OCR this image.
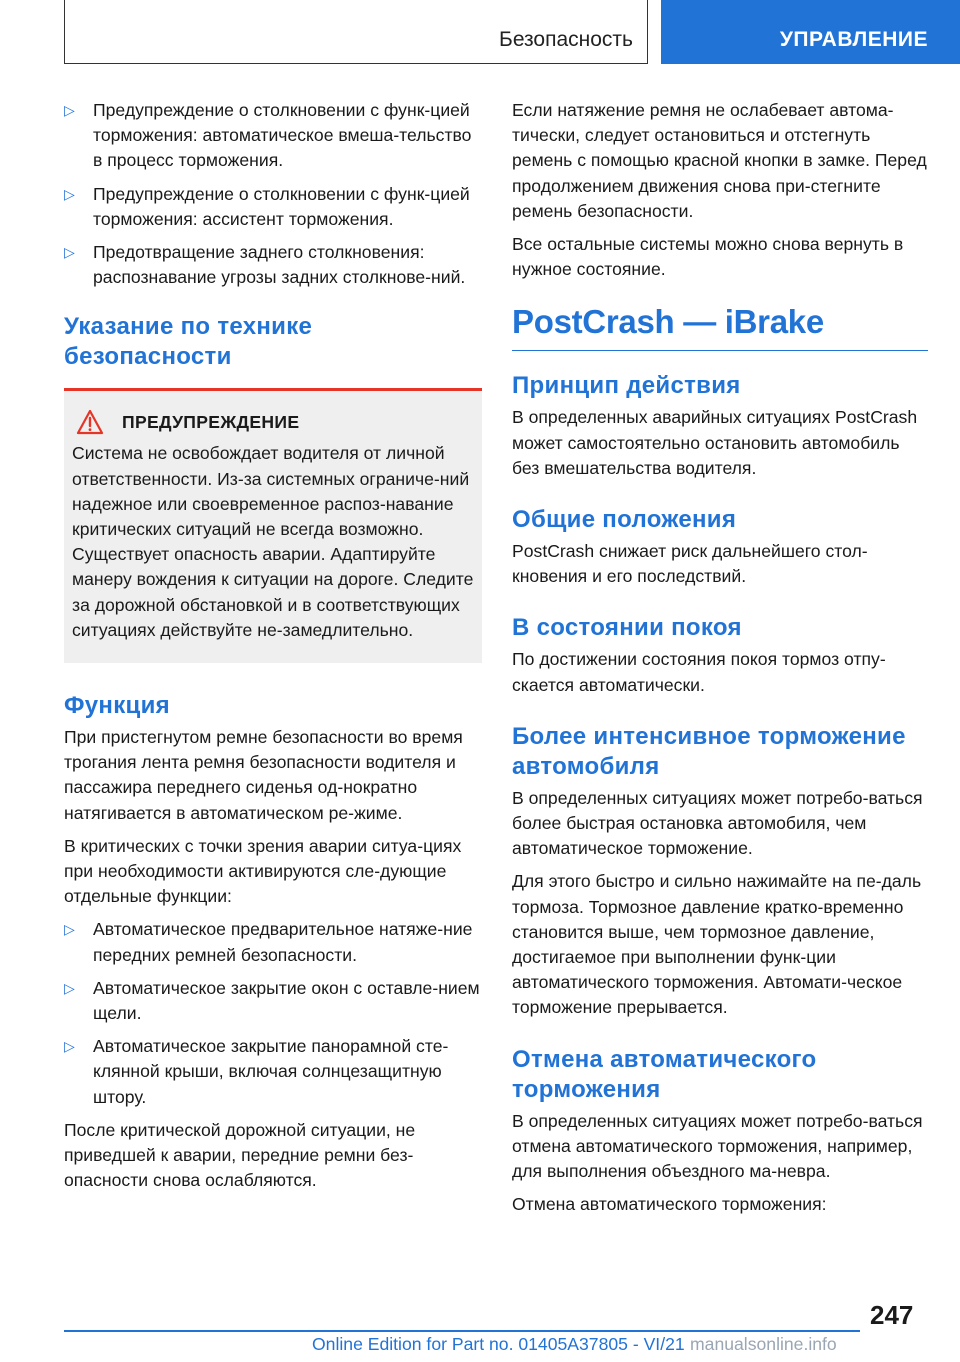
Безопасность	УПРАВЛЕНИЕ
▷ Предупреждение о столкновении с функ-цией торможения: автоматическое вмеша-тельство в процесс торможения.
▷ Предупреждение о столкновении с функ-цией торможения: ассистент торможения.
▷ Предотвращение заднего столкновения: распознавание угрозы задних столкнове-ний.
Указание по технике безопасности
ПРЕДУПРЕЖДЕНИЕ

Система не освобождает водителя от личной ответственности. Из-за системных ограниче-ний надежное или своевременное распоз-навание критических ситуаций не всегда возможно. Существует опасность аварии. Адаптируйте манеру вождения к ситуации на дороге. Следите за дорожной обстановкой и в соответствующих ситуациях действуйте не-замедлительно.

Функция

При пристегнутом ремне безопасности во время трогания лента ремня безопасности водителя и пассажира переднего сиденья од-нократно натягивается в автоматическом ре-жиме.

В критических с точки зрения аварии ситуа-циях при необходимости активируются сле-дующие отдельные функции:

▷ Автоматическое предварительное натяже-ние передних ремней безопасности.
▷ Автоматическое закрытие окон с оставле-нием щели.
▷ Автоматическое закрытие панорамной сте-клянной крыши, включая солнцезащитную штору.

После критической дорожной ситуации, не приведшей к аварии, передние ремни без-опасности снова ослабляются.

Если натяжение ремня не ослабевает автома-тически, следует остановиться и отстегнуть ремень с помощью красной кнопки в замке. Перед продолжением движения снова при-стегните ремень безопасности.

Все остальные системы можно снова вернуть в нужное состояние.

PostCrash — iBrake
Принцип действия

В определенных аварийных ситуациях PostCrash может самостоятельно остановить автомобиль без вмешательства водителя.

Общие положения

PostCrash снижает риск дальнейшего стол-кновения и его последствий.

В состоянии покоя

По достижении состояния покоя тормоз отпу-скается автоматически.

Более интенсивное торможение автомобиля

В определенных ситуациях может потребо-ваться более быстрая остановка автомобиля, чем автоматическое торможение.

Для этого быстро и сильно нажимайте на пе-даль тормоза. Тормозное давление кратко-временно становится выше, чем тормозное давление, достигаемое при выполнении функ-ции автоматического торможения. Автомати-ческое торможение прерывается.

Отмена автоматического торможения

В определенных ситуациях может потребо-ваться отмена автоматического торможения, например, для выполнения объездного ма-невра.

Отмена автоматического торможения:

247
Online Edition for Part no. 01405A37805 - VI/21 manualsonline.info
